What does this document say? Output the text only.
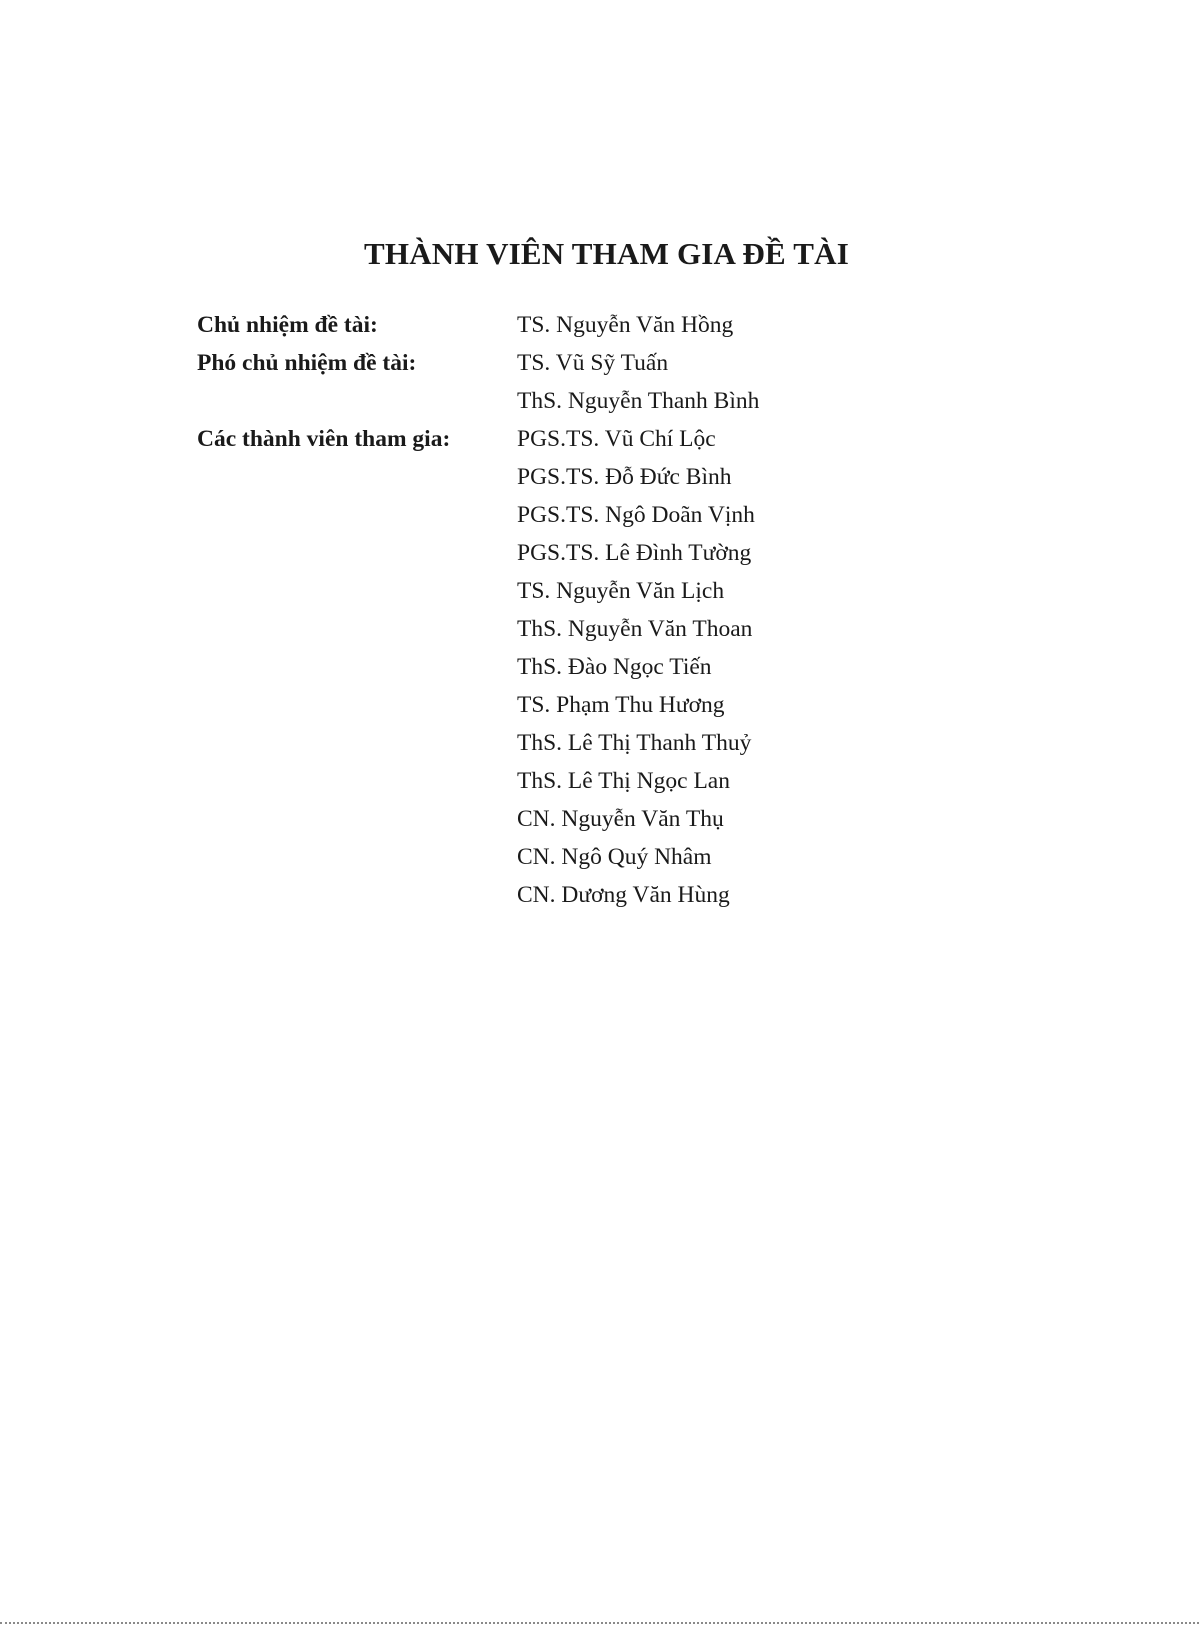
THÀNH VIÊN THAM GIA ĐỀ TÀI
Chủ nhiệm đề tài:	TS. Nguyễn Văn Hồng
Phó chủ nhiệm đề tài:	TS. Vũ Sỹ Tuấn
ThS. Nguyễn Thanh Bình
Các thành viên tham gia:	PGS.TS. Vũ Chí Lộc
PGS.TS. Đỗ Đức Bình
PGS.TS. Ngô Doãn Vịnh
PGS.TS. Lê Đình Tường
TS. Nguyễn Văn Lịch
ThS. Nguyễn Văn Thoan
ThS. Đào Ngọc Tiến
TS. Phạm Thu Hương
ThS. Lê Thị Thanh Thuỷ
ThS. Lê Thị Ngọc Lan
CN. Nguyễn Văn Thụ
CN. Ngô Quý Nhâm
CN. Dương Văn Hùng
